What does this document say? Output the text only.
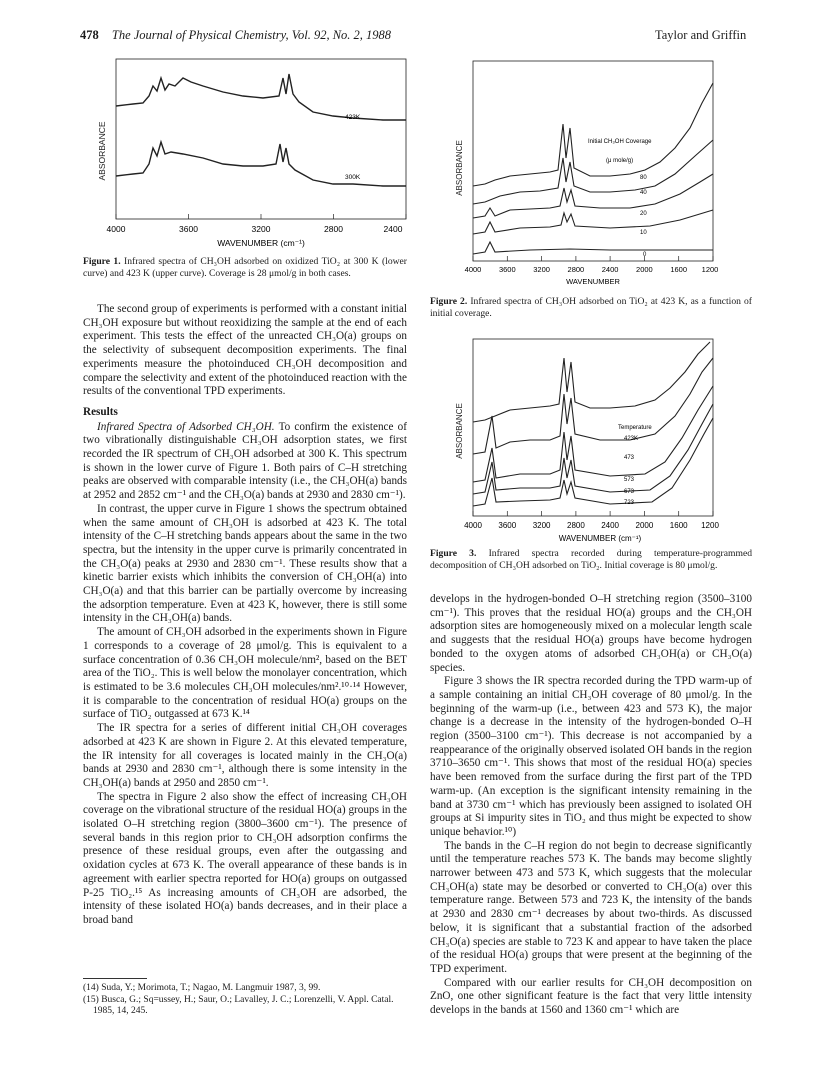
478 The Journal of Physical Chemistry, Vol. 92, No. 2, 1988	Taylor and Griffin
ABSORBANCE
4000	3600	3200	2800	2400
WAVENUMBER (cm⁻¹)
423K
300K
Figure 1. Infrared spectra of CH₃OH adsorbed on oxidized TiO₂ at 300 K (lower curve) and 423 K (upper curve). Coverage is 28 μmol/g in both cases.
ABSORBANCE
4000 3600 3200 2800 2400 2000 1600 1200
WAVENUMBER
Initial CH₃OH Coverage
(μ mole/g)
80
40
20
10
0
Figure 2. Infrared spectra of CH₃OH adsorbed on TiO₂ at 423 K, as a function of initial coverage.
ABSORBANCE
4000 3600 3200 2800 2400 2000 1600 1200
WAVENUMBER (cm⁻¹)
Temperature
423K
473
573
673
723
Figure 3. Infrared spectra recorded during temperature-programmed decomposition of CH₃OH adsorbed on TiO₂. Initial coverage is 80 μmol/g.

The second group of experiments is performed with a constant initial CH₃OH exposure but without reoxidizing the sample at the end of each experiment. This tests the effect of the unreacted CH₃O(a) groups on the selectivity of subsequent decomposition experiments. The final experiments measure the photoinduced CH₃OH decomposition and compare the selectivity and extent of the photoinduced reaction with the results of the conventional TPD experiments.

Results

Infrared Spectra of Adsorbed CH₃OH. To confirm the existence of two vibrationally distinguishable CH₃OH adsorption states, we first recorded the IR spectrum of CH₃OH adsorbed at 300 K. This spectrum is shown in the lower curve of Figure 1. Both pairs of C–H stretching peaks are observed with comparable intensity (i.e., the CH₃OH(a) bands at 2952 and 2852 cm⁻¹ and the CH₃O(a) bands at 2930 and 2830 cm⁻¹).

In contrast, the upper curve in Figure 1 shows the spectrum obtained when the same amount of CH₃OH is adsorbed at 423 K. The total intensity of the C–H stretching bands appears about the same in the two spectra, but the intensity in the upper curve is primarily concentrated in the CH₃O(a) peaks at 2930 and 2830 cm⁻¹. These results show that a kinetic barrier exists which inhibits the conversion of CH₃OH(a) into CH₃O(a) and that this barrier can be partially overcome by increasing the adsorption temperature. Even at 423 K, however, there is still some intensity in the CH₃OH(a) bands.

The amount of CH₃OH adsorbed in the experiments shown in Figure 1 corresponds to a coverage of 28 μmol/g. This is equivalent to a surface concentration of 0.36 CH₃OH molecule/nm², based on the BET area of the TiO₂. This is well below the monolayer concentration, which is estimated to be 3.6 molecules CH₃OH molecules/nm².¹⁰·¹⁴ However, it is comparable to the concentration of residual HO(a) groups on the surface of TiO₂ outgassed at 673 K.¹⁴

The IR spectra for a series of different initial CH₃OH coverages adsorbed at 423 K are shown in Figure 2. At this elevated temperature, the IR intensity for all coverages is located mainly in the CH₃O(a) bands at 2930 and 2830 cm⁻¹, although there is some intensity in the CH₃OH(a) bands at 2950 and 2850 cm⁻¹.

The spectra in Figure 2 also show the effect of increasing CH₃OH coverage on the vibrational structure of the residual HO(a) groups in the isolated O–H stretching region (3800–3600 cm⁻¹). The presence of several bands in this region prior to CH₃OH adsorption confirms the presence of these residual groups, even after the outgassing and oxidation cycles at 673 K. The overall appearance of these bands is in agreement with earlier spectra reported for HO(a) groups on outgassed P-25 TiO₂.¹⁵ As increasing amounts of CH₃OH are adsorbed, the intensity of these isolated HO(a) bands decreases, and in their place a broad band

(14) Suda, Y.; Morimota, T.; Nagao, M. Langmuir 1987, 3, 99.
(15) Busca, G.; Sq=ussey, H.; Saur, O.; Lavalley, J. C.; Lorenzelli, V. Appl. Catal. 1985, 14, 245.

develops in the hydrogen-bonded O–H stretching region (3500–3100 cm⁻¹). This proves that the residual HO(a) groups and the CH₃OH adsorption sites are homogeneously mixed on a molecular length scale and suggests that the residual HO(a) groups have become hydrogen bonded to the oxygen atoms of adsorbed CH₃OH(a) or CH₃O(a) species.

Figure 3 shows the IR spectra recorded during the TPD warm-up of a sample containing an initial CH₃OH coverage of 80 μmol/g. In the beginning of the warm-up (i.e., between 423 and 573 K), the major change is a decrease in the intensity of the hydrogen-bonded O–H region (3500–3100 cm⁻¹). This decrease is not accompanied by a reappearance of the originally observed isolated OH bands in the region 3710–3650 cm⁻¹. This shows that most of the residual HO(a) species have been removed from the surface during the first part of the TPD warm-up. (An exception is the significant intensity remaining in the band at 3730 cm⁻¹ which has previously been assigned to isolated OH groups at Si impurity sites in TiO₂ and thus might be expected to show unique behavior.¹⁰)

The bands in the C–H region do not begin to decrease significantly until the temperature reaches 573 K. The bands may become slightly narrower between 473 and 573 K, which suggests that the molecular CH₃OH(a) state may be desorbed or converted to CH₃O(a) over this temperature range. Between 573 and 723 K, the intensity of the bands at 2930 and 2830 cm⁻¹ decreases by about two-thirds. As discussed below, it is significant that a substantial fraction of the adsorbed CH₃O(a) species are stable to 723 K and appear to have taken the place of the residual HO(a) groups that were present at the beginning of the TPD experiment.

Compared with our earlier results for CH₃OH decomposition on ZnO, one other significant feature is the fact that very little intensity develops in the bands at 1560 and 1360 cm⁻¹ which are
